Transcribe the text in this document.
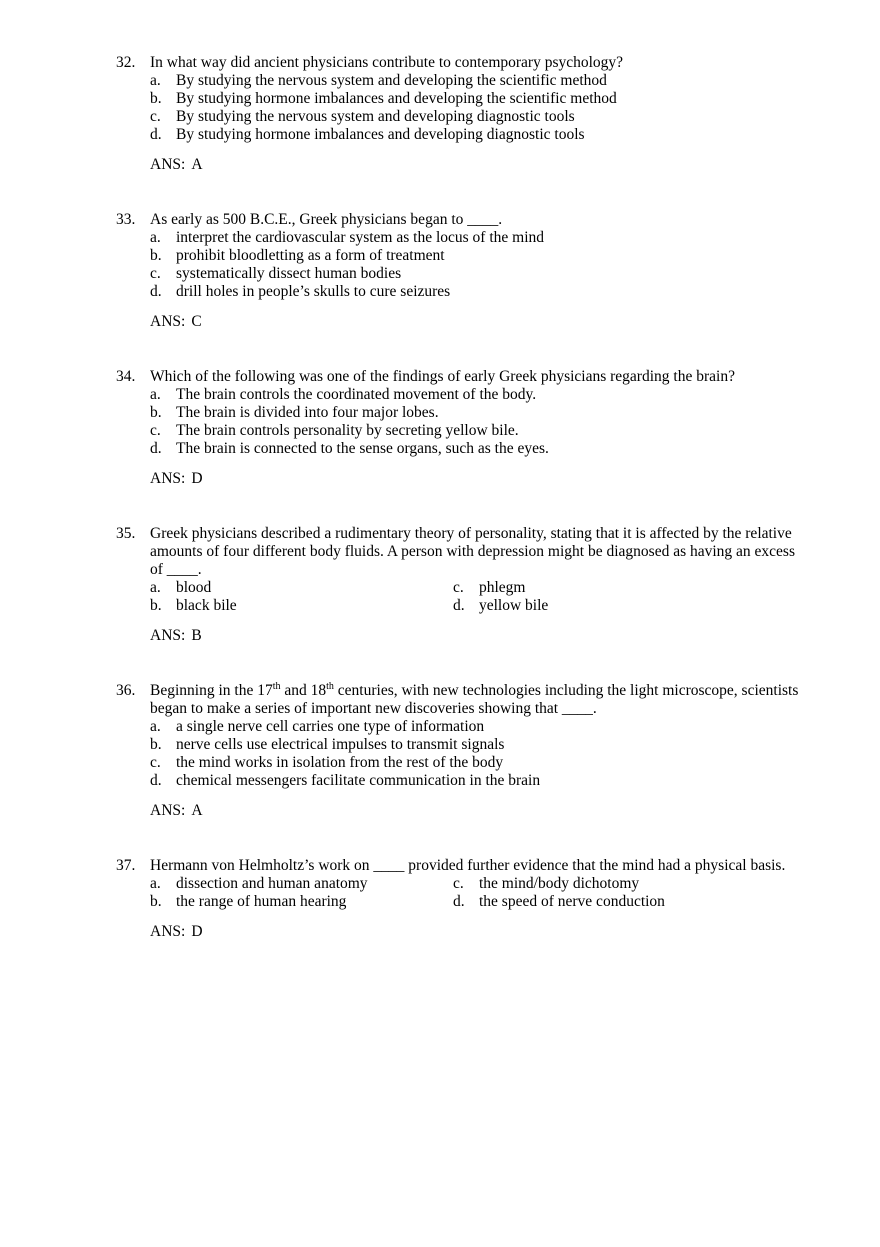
32. In what way did ancient physicians contribute to contemporary psychology?
a. By studying the nervous system and developing the scientific method
b. By studying hormone imbalances and developing the scientific method
c. By studying the nervous system and developing diagnostic tools
d. By studying hormone imbalances and developing diagnostic tools
ANS: A
33. As early as 500 B.C.E., Greek physicians began to ____.
a. interpret the cardiovascular system as the locus of the mind
b. prohibit bloodletting as a form of treatment
c. systematically dissect human bodies
d. drill holes in people’s skulls to cure seizures
ANS: C
34. Which of the following was one of the findings of early Greek physicians regarding the brain?
a. The brain controls the coordinated movement of the body.
b. The brain is divided into four major lobes.
c. The brain controls personality by secreting yellow bile.
d. The brain is connected to the sense organs, such as the eyes.
ANS: D
35. Greek physicians described a rudimentary theory of personality, stating that it is affected by the relative amounts of four different body fluids. A person with depression might be diagnosed as having an excess of ____.
a. blood	c. phlegm
b. black bile	d. yellow bile
ANS: B
36. Beginning in the 17th and 18th centuries, with new technologies including the light microscope, scientists began to make a series of important new discoveries showing that ____.
a. a single nerve cell carries one type of information
b. nerve cells use electrical impulses to transmit signals
c. the mind works in isolation from the rest of the body
d. chemical messengers facilitate communication in the brain
ANS: A
37. Hermann von Helmholtz’s work on ____ provided further evidence that the mind had a physical basis.
a. dissection and human anatomy	c. the mind/body dichotomy
b. the range of human hearing	d. the speed of nerve conduction
ANS: D
